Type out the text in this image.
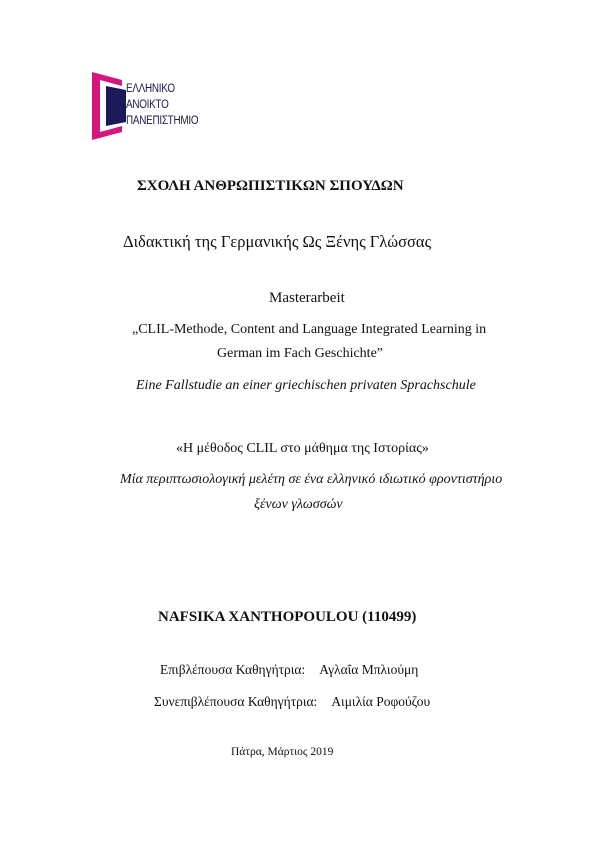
ΕΛΛΗΝΙΚΟ
ΑΝΟΙΚΤΟ
ΠΑΝΕΠΙΣΤΗΜΙΟ
ΣΧΟΛΗ ΑΝΘΡΩΠΙΣΤΙΚΩΝ ΣΠΟΥΔΩΝ
Διδακτική της Γερμανικής Ως Ξένης Γλώσσας
Masterarbeit
„CLIL-Methode, Content and Language Integrated Learning in
German im Fach Geschichte”
Eine Fallstudie an einer griechischen privaten Sprachschule
«Η μέθοδος CLIL στο μάθημα της Ιστορίας»
Μία περιπτωσιολογική μελέτη σε ένα ελληνικό ιδιωτικό φροντιστήριο
ξένων γλωσσών
NAFSIKA XANTHOPOULOU (110499)
Επιβλέπουσα Καθηγήτρια: Αγλαΐα Μπλιούμη
Συνεπιβλέπουσα Καθηγήτρια: Αιμιλία Ροφούζου
Πάτρα, Μάρτιος 2019
